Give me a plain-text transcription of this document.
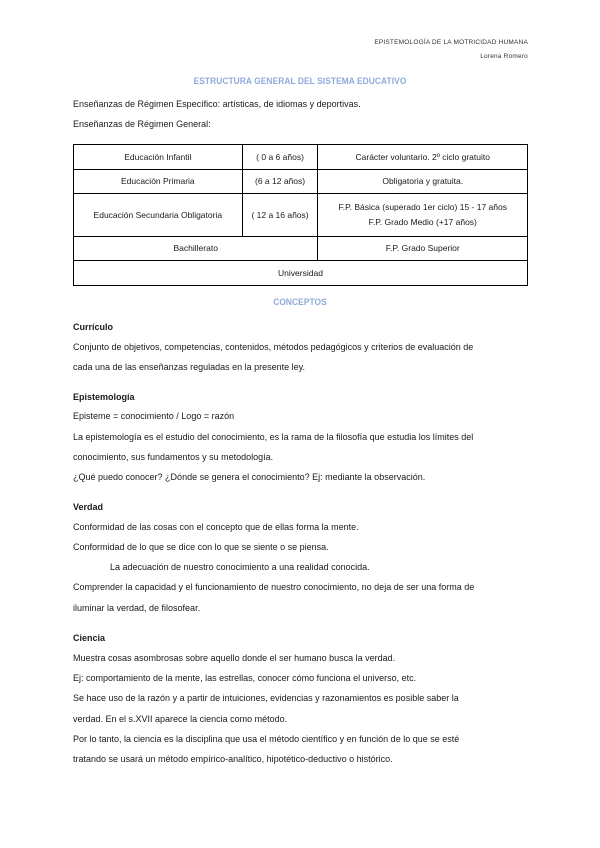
EPISTEMOLOGÍA DE LA MOTRICIDAD HUMANA
Lorena Romero
ESTRUCTURA GENERAL DEL SISTEMA EDUCATIVO
Enseñanzas de Régimen Específico: artísticas, de idiomas y deportivas.
Enseñanzas de Régimen General:
Educación Infantil	( 0 a 6 años)	Carácter voluntario. 2º ciclo gratuito
Educación Primaria	(6 a 12 años)	Obligatoria y gratuita.
Educación Secundaria Obligatoria	( 12 a 16 años)	F.P. Básica (superado 1er ciclo) 15 - 17 años
F.P. Grado Medio (+17 años)

Bachillerato		F.P. Grado Superior
Universidad		
CONCEPTOS
Currículo
Conjunto de objetivos, competencias, contenidos, métodos pedagógicos y criterios de evaluación de
cada una de las enseñanzas reguladas en la presente ley.
Epistemología
Episteme = conocimiento / Logo = razón
La epistemología es el estudio del conocimiento, es la rama de la filosofía que estudia los límites del
conocimiento, sus fundamentos y su metodología.
¿Qué puedo conocer? ¿Dónde se genera el conocimiento? Ej: mediante la observación.
Verdad
Conformidad de las cosas con el concepto que de ellas forma la mente.
Conformidad de lo que se dice con lo que se siente o se piensa.
La adecuación de nuestro conocimiento a una realidad conocida.
Comprender la capacidad y el funcionamiento de nuestro conocimiento, no deja de ser una forma de
iluminar la verdad, de filosofear.
Ciencia
Muestra cosas asombrosas sobre aquello donde el ser humano busca la verdad.
Ej: comportamiento de la mente, las estrellas, conocer cómo funciona el universo, etc.
Se hace uso de la razón y a partir de intuiciones, evidencias y razonamientos es posible saber la
verdad. En el s.XVII aparece la ciencia como método.
Por lo tanto, la ciencia es la disciplina que usa el método científico y en función de lo que se esté
tratando se usará un método empírico-analítico, hipotético-deductivo o histórico.
